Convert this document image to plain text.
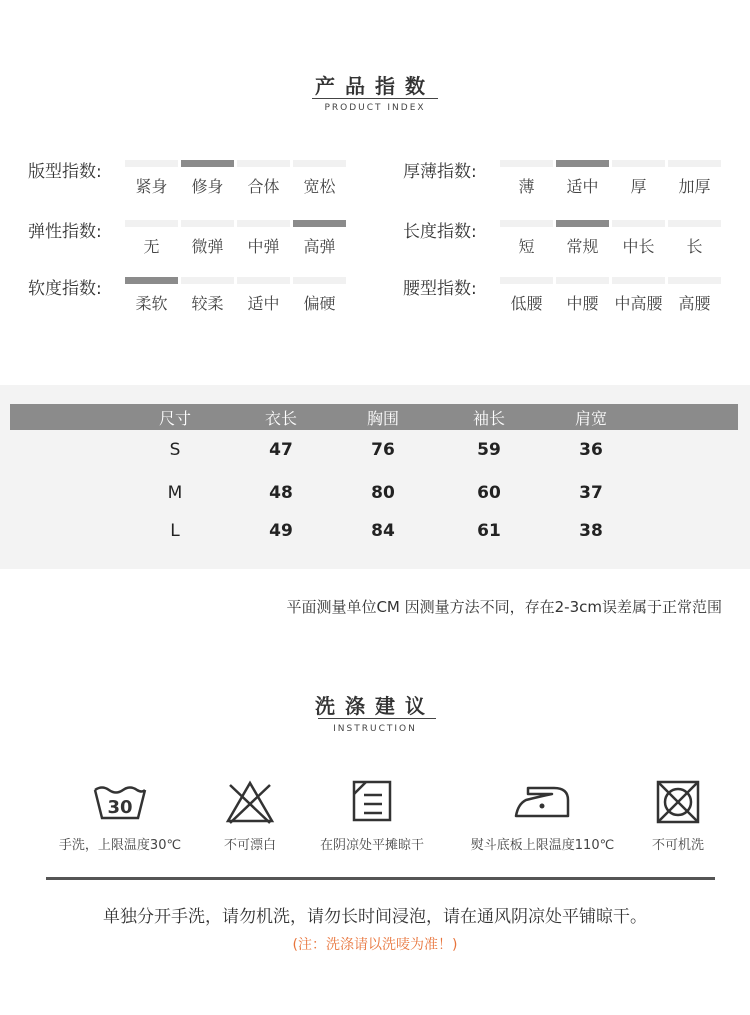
产品指数
PRODUCT INDEX
版型指数:
紧身	修身	合体	宽松
厚薄指数:
薄	适中	厚	加厚
弹性指数:
无	微弹	中弹	高弹
长度指数:
短	常规	中长	长
软度指数:
柔软	较柔	适中	偏硬
腰型指数:
低腰	中腰 中高腰 高腰
尺寸	衣长	胸围	袖长	肩宽
S	47	76	59	36
M	48	80	60	37
L	49	84	61	38
平面测量单位CM 因测量方法不同，存在2-3cm误差属于正常范围
洗涤建议
INSTRUCTION
30
手洗，上限温度30℃	不可漂白	在阴凉处平摊晾干	熨斗底板上限温度110℃	不可机洗
单独分开手洗，请勿机洗，请勿长时间浸泡，请在通风阴凉处平铺晾干。
(注：洗涤请以洗唛为准！)
